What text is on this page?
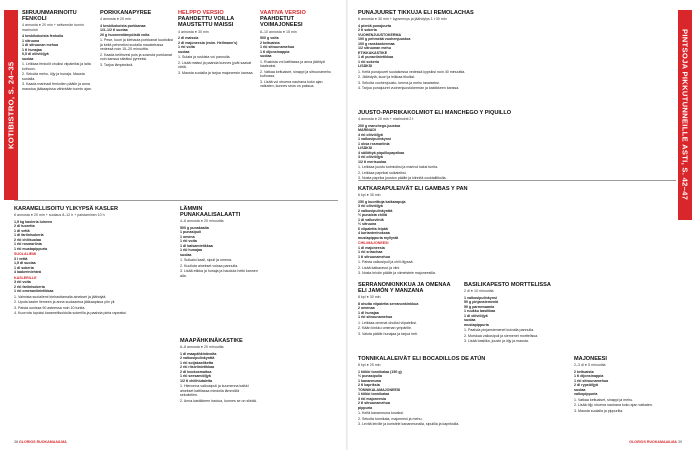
KOTIBISTRO, S. 24–35
SIIRUUNMARINOITU FENKOLI
4 annosta ● 20 min + seitsemän tunnin marinointi
4 keskikokoista fenkolia
1 sitruuna
1 dl sitruunan mehua
1 tl hunajaa
0,5 dl oliiviöljyä
suolaa
1. Leikkaa fenkolit ohuiksi viipaleiksi ja laita kulhoon.
2. Sekoita mehu, öljy ja hunaja. Mausta suolalla.
3. Kaada marinadi fenkolien päälle ja anna maustua jääkaapissa vähintään tunnin ajan.
PORKKANAPYREE
4 annosta ● 20 min
4 keskikokoista porkkanaa
1/3–1/2 tl suolaa
20 g huoneenlämpöistä voita
1. Pese, kuori ja kiehauta porkkanat kuutioiksi ja keitä pehmeiksi suolalla maustetussa vedessä noin 15–20 minuuttia.
2. Kaada keitinvesi pois ja soseuta porkkanat voin kanssa sileäksi pyreeksi.
3. Tarjoa lämpimänä.
HELPPO VERSIO
PAAHDETTU VOILLA MAUSTETTU MAISSI
4 annosta ● 30 min
2 dl maissia
2 dl majoneesia (esim. Hellmann's)
1 rkl voita
suolaa
1. Sulata ja ruskista voi pannulla.
2. Lisää maissi ja paahda kunnes jyvät saavat väriä.
3. Mausta suolalla ja tarjoa majoneesin kanssa.
VAATIVA VERSIO
PAAHDETUT VOIMAJONEESI
8–10 annosta ● 15 min
500 g voita
2 keltuaista
1 rkl sitruunamehua
1 tl dijonsinappia
suolaa
1. Ruskista voi kattilassa ja anna jäähtyä haaleaksi.
2. Vatkaa keltuaiset, sinappi ja sitruunamehu kulhossa.
3. Lisää voi ohuena nauhana koko ajan vatkaten, kunnes seos on paksua.
KARAMELLISOITU YLIKYPSÄ KASLER
6 annosta ● 20 min + suolaus 8–12 h + paistaminen 10 h
1,5 kg kasleria luineen
2 dl tuoretta
1 dl vettä
1 dl fariinisokeria
2 rkl chilisuolaa
1 rkl rosmariinia
1 rkl mustapippuria
SUOLALIEMI
3 l vettä
1,5 dl suolaa
1 dl sokeria
4 laakerinlehteä
KASLERILLE
3 rkl voita
2 rkl fariinisokeria
1 rkl omenaviinietikkaa
1. Valmista suolaliemi kiehauttamalla ainekset ja jäähdytä.
2. Upota kasler liemeen ja anna suolaantua jääkaapissa yön yli.
3. Paista uunissa 90 asteessa noin 10 tuntia.
4. Kuorruta lopuksi karamellisoidulla sokerilla ja paahda pinta rapeaksi.
LÄMMIN PUNAKAALISALAATTI
4–6 annosta ● 20 minuuttia
500 g punakaalia
1 punasipuli
1 omena
1 rkl voita
1 dl balsamietikkaa
1 rkl hunajaa
suolaa
1. Suikaloi kaali, sipuli ja omena.
2. Kuullota ainekset voissa pannulla.
3. Lisää etikka ja hunaja ja hauduta hetki kannen alla.
MAAPÄHKINÄKASTIKE
6–8 annosta ● 20 minuuttia
1 dl maapähkinävoita
2 valkosipulinkynttä
1 rkl soijakastiketta
2 rkl riisiviinietikkaa
2 dl kookosmaitoa
1 rkl seesamiöljyä
1/2 tl chilihiutaleita
1. Hienonna valkosipuli ja kuumenna kaikki ainekset kattilassa miedolla lämmöllä sekoitellen.
2. Anna kastikkeen hautua, kunnes se on sileää.
38 GLORIOS RUOKAMAAILMA
PINTSOJA PIKKUTUNNEILLE ASTI, S. 42–47
PUNAJUURET TIKKUJA ELI REMOLACHAS
6 annosta ● 30 min + kypsennys ja jäähdytys 1 t 30 min
4 pientä punajuurta
2 tl sokeria
VUOHENJUUSTOKERMA
100 g pehmeää vuohenjuustoa
100 g ranskankermaa
1/2 sitruunan mehu
ETIKKAKASTIKE
1 dl punaviinietikkaa
1 rkl sokeria
LISÄKSI
1. Keitä punajuuret suolaisessa vedessä kypsiksi noin 40 minuuttia.
2. Jäähdytä, kuori ja leikkaa tikuiksi.
3. Sekoita vuohenjuusto, kerma ja mehu tasaiseksi.
4. Tarjoa punajuuret vuohenjuustokerman ja kastikkeen kanssa.
JUUSTO-PAPRIKAKOLMIOT ELI MANCHEGO Y PIQUILLO
4 annosta ● 20 min + marinointi 2 t
200 g manchego-juustoa
MARINADI
4 rkl oliiviöljyä
1 valkosipulinkynsi
1 oksa rosmariinia
LISÄKSI
4 säilöttyä piquillopaprikaa
3 rkl oliiviöljyä
1/2 tl merisuolaa
1. Leikkaa juusto kolmioiksi ja marinoi kaksi tuntia.
2. Leikkaa paprikat suikaleiksi.
3. Nosta paprika juuston päälle ja kiinnitä cocktailtikulla.
KATKARAPULEIVÄT ELI GAMBAS Y PAN
6 kpl ● 35 min
250 g kuorittuja katkarapuja
3 rkl oliiviöljyä
2 valkosipulinkynttä
½ punaista chiliä
1 dl valkoviiniä
½ sitruuna
6 viipaletta leipää
4 korianterinoksaa
mustapippuria myllystä
CHILIMAJONEESI
1 dl majoneesia
1 rkl srirachaa
1 tl sitruunamehua
1. Paista valkosipuli ja chili öljyssä.
2. Lisää katkaravut ja viini.
3. Nosta leivän päälle ja viimeistele majoneesilla.
SERRANONKINKKUA JA OMENAA ELI JAMÓN Y MANZANA
8 kpl ● 30 min
8 ohutta viipaletta serranonkinkkua
2 omenaa
1 dl hunajaa
1 rkl sitruunamehua
1. Leikkaa omenat ohuiksi viipaleiksi.
2. Kääri kinkku omenan ympärille.
3. Valuta päälle hunajaa ja tarjoa heti.
BASILIKAPESTO MORTTELISSA
2 dl ● 10 minuuttia
1 valkosipulinkynsi
50 g pinjansiemeniä
50 g parmesaania
1 ruukku basilikaa
1 dl oliiviöljyä
suolaa
mustapippuria
1. Paahda pinjansiemenet kuivalla pannulla.
2. Murskaa valkosipuli ja siemenet morttelissa.
3. Lisää basilika, juusto ja öljy ja mausta.
TONNIKALALEIVÄT ELI BOCADILLOS DE ATÚN
8 kpl ● 25 min
1 tölkki tonnikalaa (150 g)
½ punasipulia
1 kananmuna
2 tl kapriksia
TONNIKALAMAJONEESI
1 tölkki tonnikalaa
3 rkl majoneesia
2 tl sitruunamehua
pippuria
1. Keitä kananmuna kovaksi.
2. Sekoita tonnikala, majoneesi ja mehu.
3. Levitä leiville ja koristele kananmunalla, sipulilla ja kapriksilla.
MAJONEESI
2–3 dl ● 5 minuuttia
2 keltuaista
1 tl dijonsinappia
1 rkl sitruunamehua
2 dl rypsiöljyä
suolaa
valkopippuria
1. Vatkaa keltuaiset, sinappi ja mehu.
2. Lisää öljy ohuena nauhana koko ajan vatkaten.
3. Mausta suolalla ja pippurilla.
GLORIOS RUOKAMAAILMA 39
